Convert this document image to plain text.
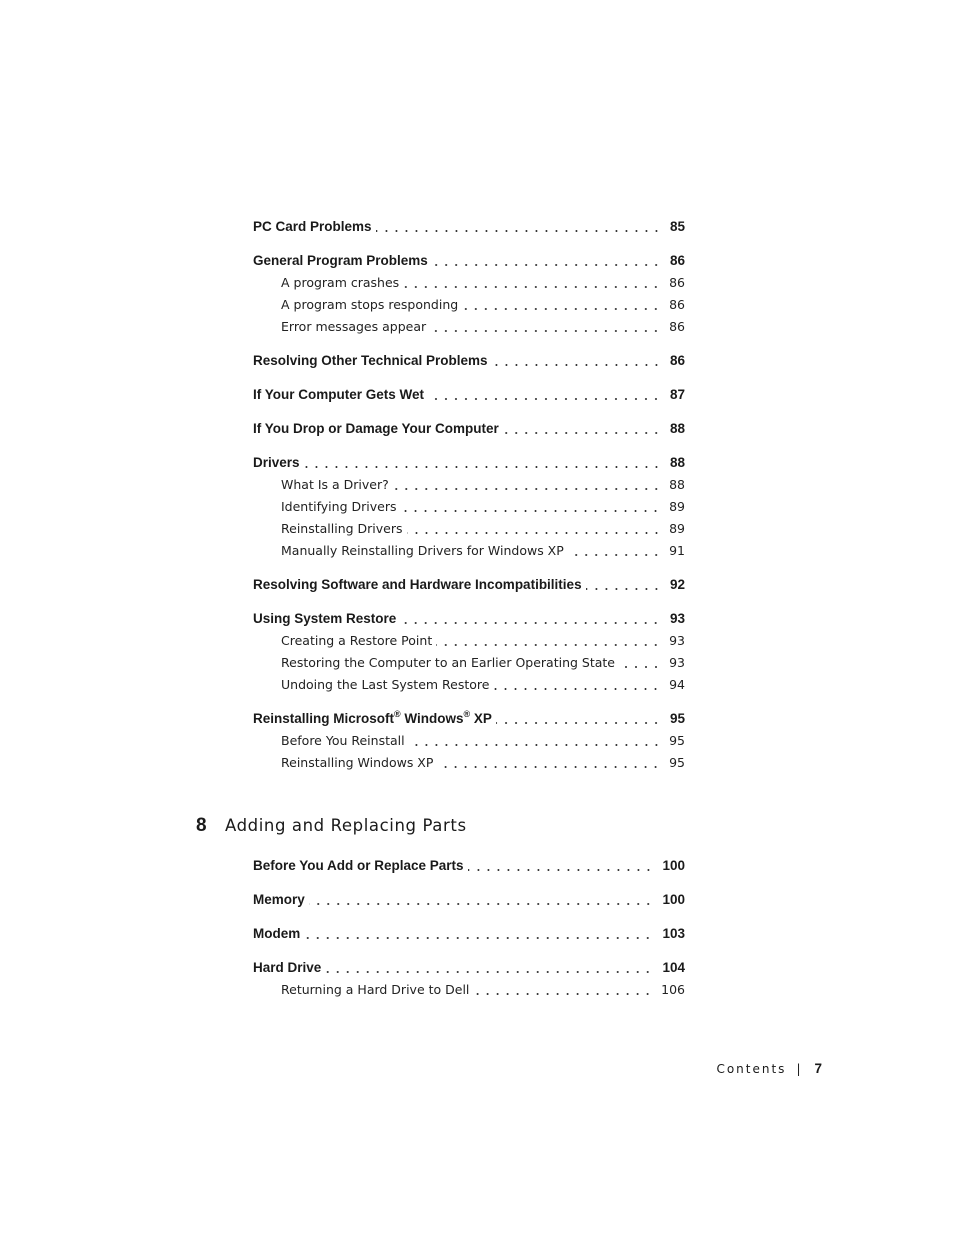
PC Card Problems	85
General Program Problems	86
A program crashes	86
A program stops responding	86
Error messages appear	86
Resolving Other Technical Problems	86
If Your Computer Gets Wet	87
If You Drop or Damage Your Computer	88
Drivers	88
What Is a Driver?	88
Identifying Drivers	89
Reinstalling Drivers	89
Manually Reinstalling Drivers for Windows XP	91
Resolving Software and Hardware Incompatibilities	92
Using System Restore	93
Creating a Restore Point	93
Restoring the Computer to an Earlier Operating State	93
Undoing the Last System Restore	94
Reinstalling Microsoft® Windows® XP	95
Before You Reinstall	95
Reinstalling Windows XP	95
8	Adding and Replacing Parts
Before You Add or Replace Parts	100
Memory	100
Modem	103
Hard Drive	104
Returning a Hard Drive to Dell	106
Contents | 7
